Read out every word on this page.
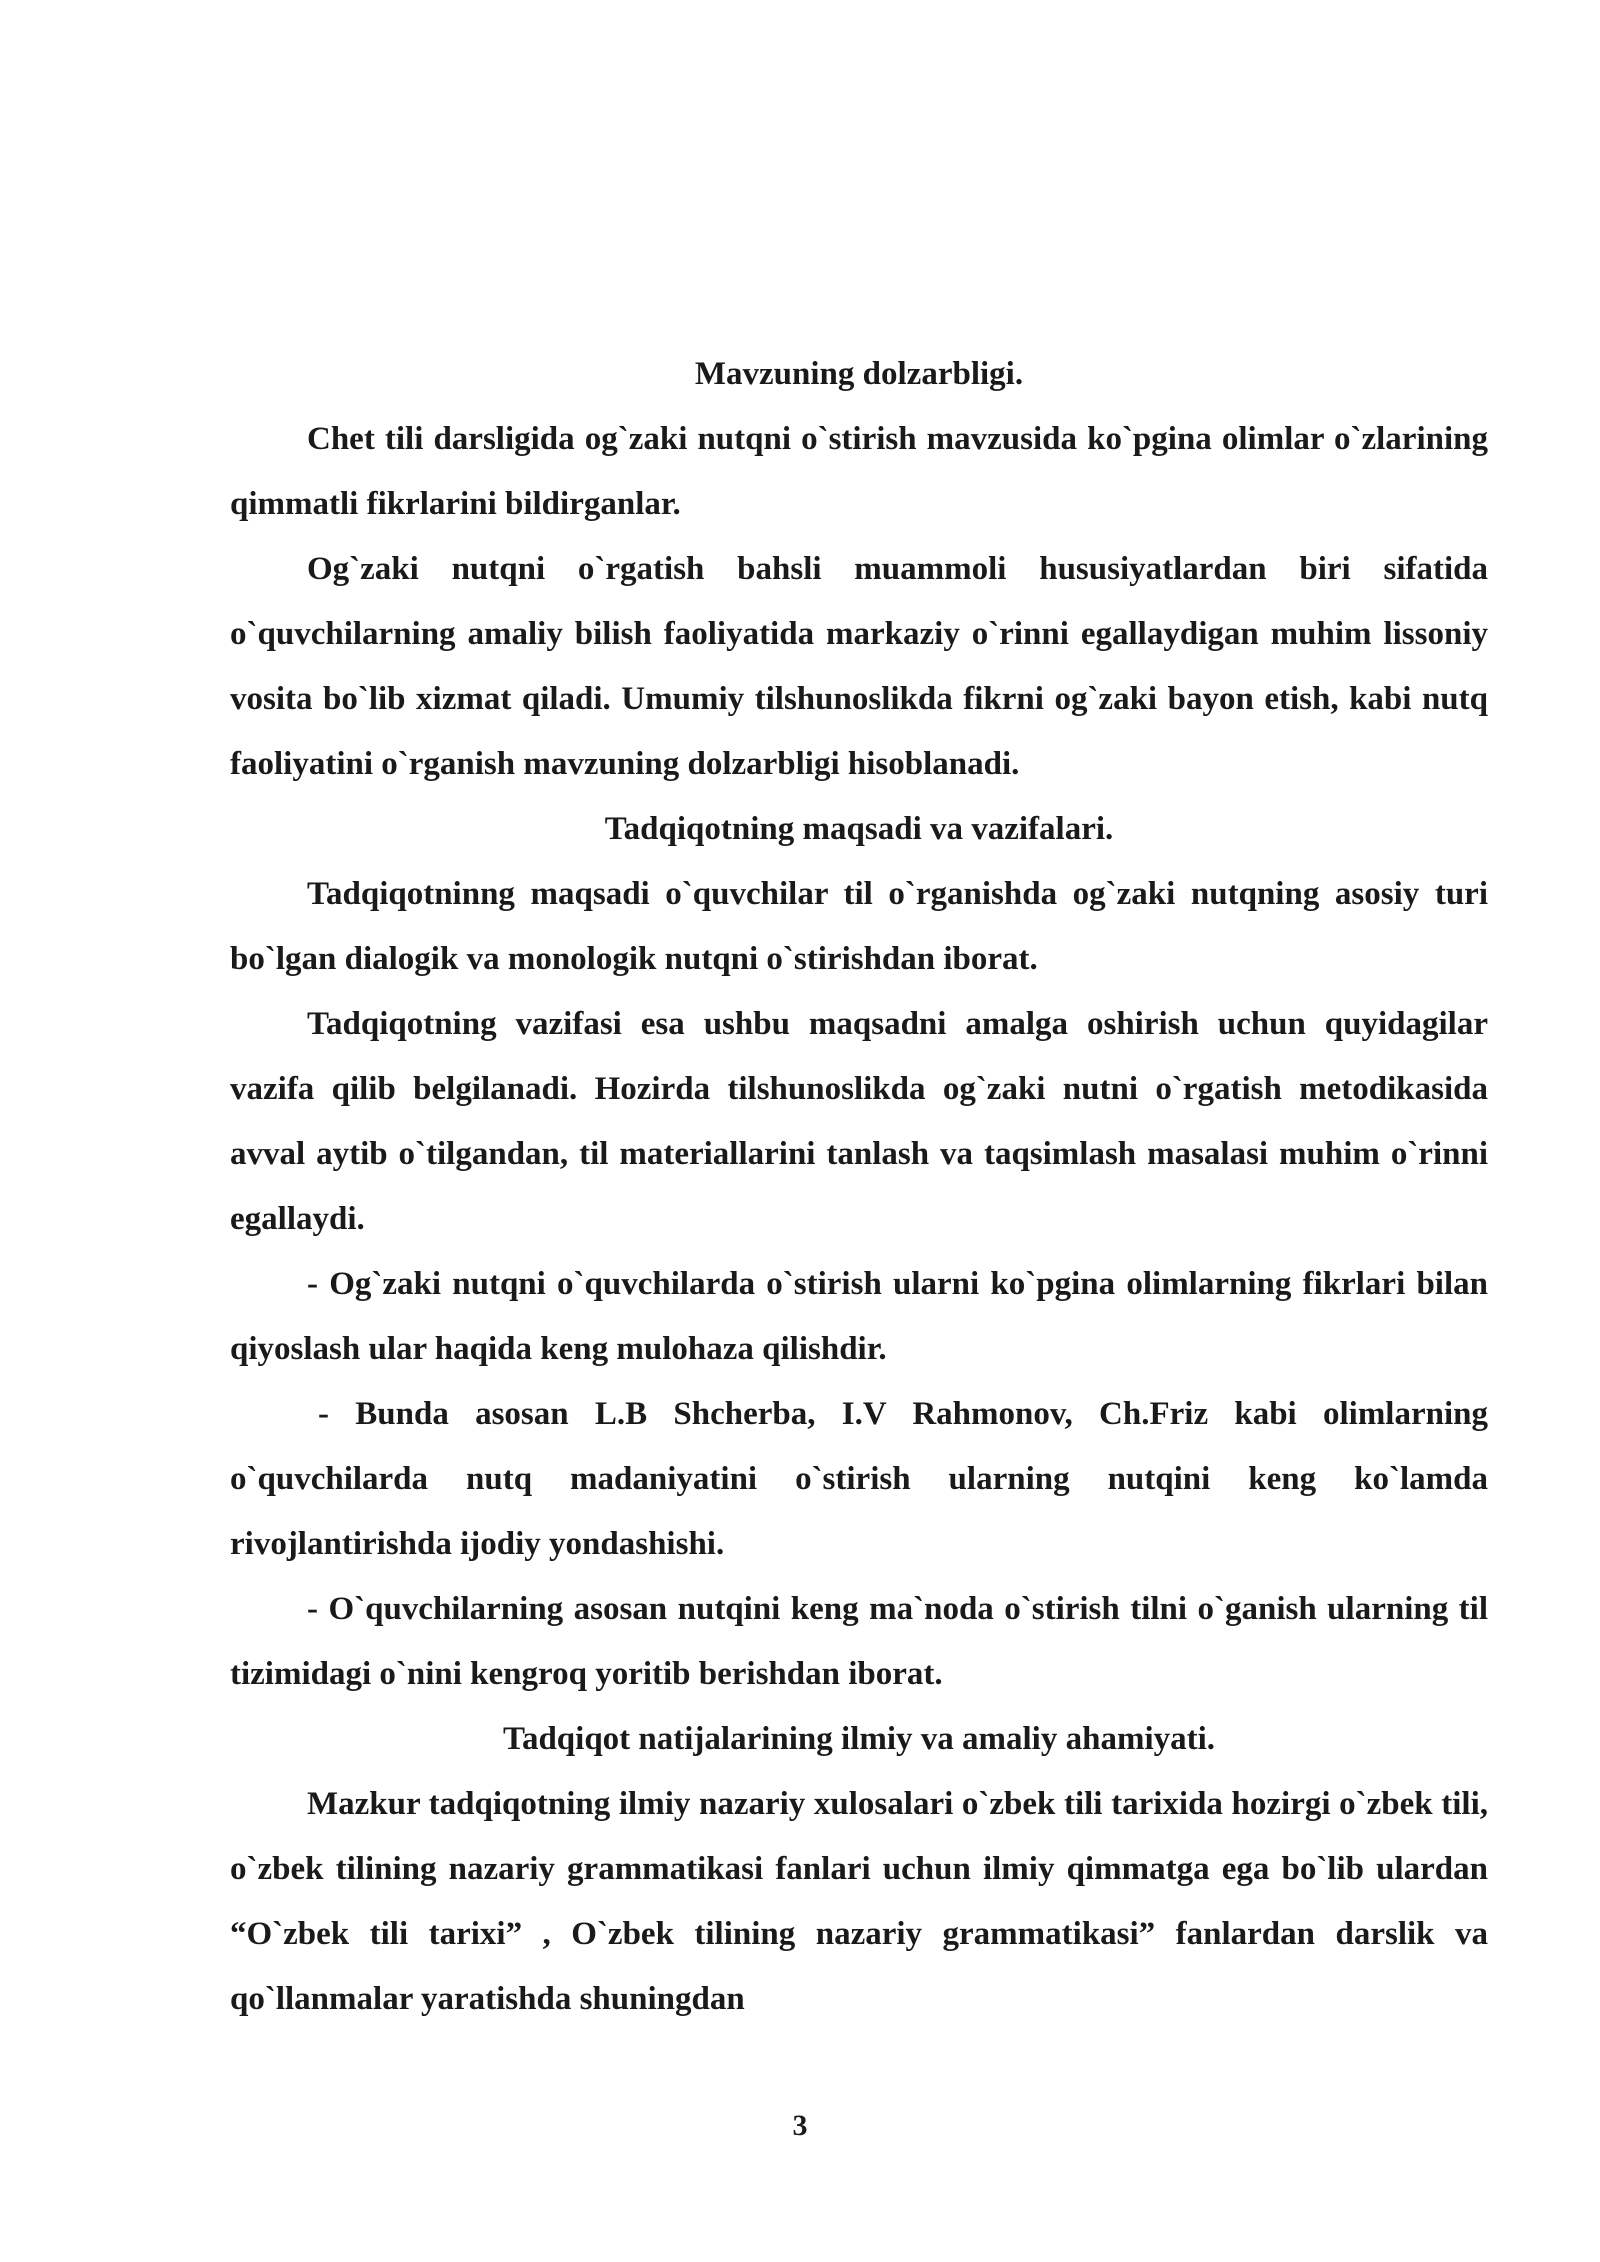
Mavzuning dolzarbligi.

Chet tili darsligida og`zaki nutqni o`stirish mavzusida ko`pgina olimlar o`zlarining qimmatli fikrlarini bildirganlar.

Og`zaki nutqni o`rgatish bahsli muammoli hususiyatlardan biri sifatida o`quvchilarning amaliy bilish faoliyatida markaziy o`rinni egallaydigan muhim lissoniy vosita bo`lib xizmat qiladi. Umumiy tilshunoslikda fikrni og`zaki bayon etish, kabi nutq faoliyatini o`rganish mavzuning dolzarbligi hisoblanadi.

Tadqiqotning maqsadi va vazifalari.

Tadqiqotninng maqsadi o`quvchilar til o`rganishda og`zaki nutqning asosiy turi bo`lgan dialogik va monologik nutqni o`stirishdan iborat.

Tadqiqotning vazifasi esa ushbu maqsadni amalga oshirish uchun quyidagilar vazifa qilib belgilanadi. Hozirda tilshunoslikda og`zaki nutni o`rgatish metodikasida avval aytib o`tilgandan, til materiallarini tanlash va taqsimlash masalasi muhim o`rinni egallaydi.

- Og`zaki nutqni o`quvchilarda o`stirish ularni ko`pgina olimlarning fikrlari bilan qiyoslash ular haqida keng mulohaza qilishdir.

- Bunda asosan L.B Shcherba, I.V Rahmonov, Ch.Friz kabi olimlarning o`quvchilarda nutq madaniyatini o`stirish ularning nutqini keng ko`lamda rivojlantirishda ijodiy yondashishi.

- O`quvchilarning asosan nutqini keng ma`noda o`stirish tilni o`ganish ularning til tizimidagi o`nini kengroq yoritib berishdan iborat.

Tadqiqot natijalarining ilmiy va amaliy ahamiyati.

Mazkur tadqiqotning ilmiy nazariy xulosalari o`zbek tili tarixida hozirgi o`zbek tili, o`zbek tilining nazariy grammatikasi fanlari uchun ilmiy qimmatga ega bo`lib ulardan “O`zbek tili tarixi” , O`zbek tilining nazariy grammatikasi” fanlardan darslik va qo`llanmalar yaratishda shuningdan

3
